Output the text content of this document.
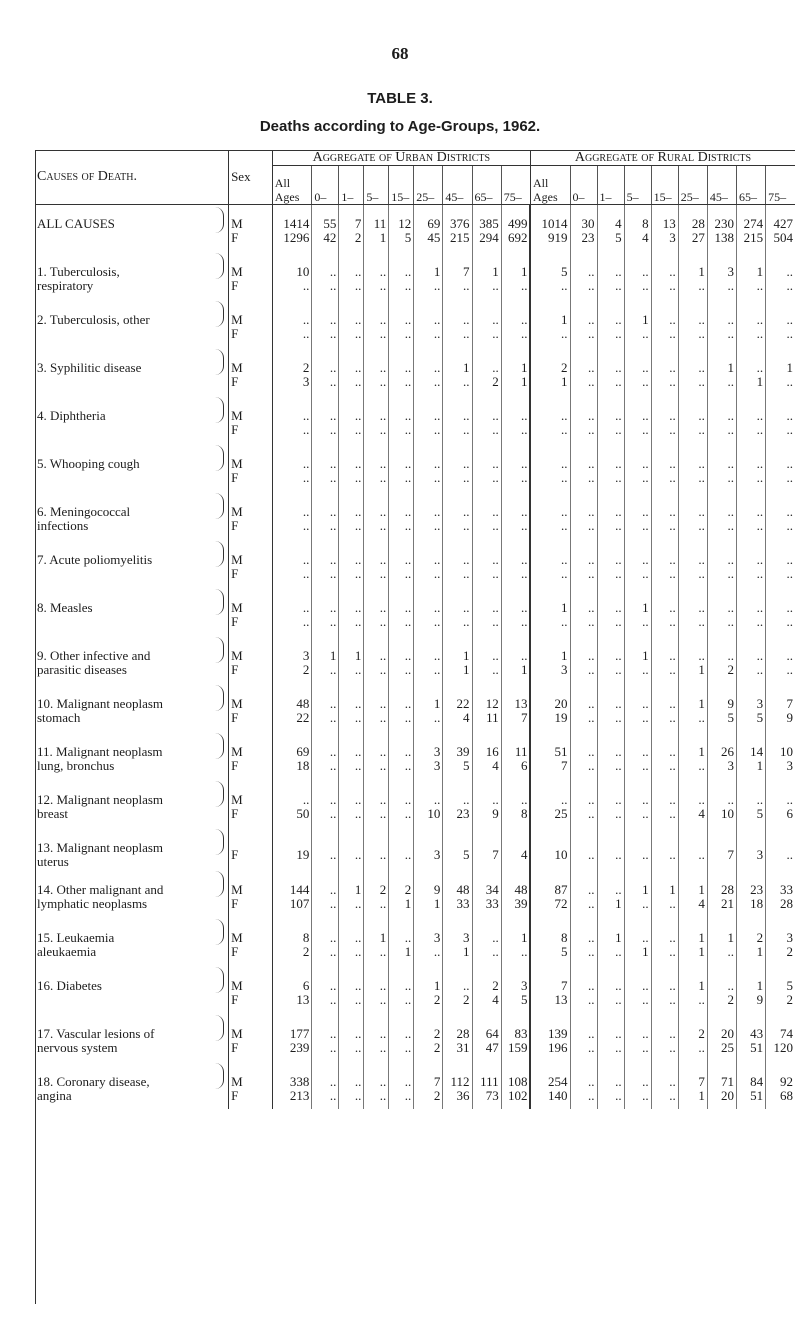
68
TABLE 3.
Deaths according to Age-Groups, 1962.
Causes of Death.	Sex	Aggregate of Urban Districts									Aggregate of Rural Districts								
		All Ages	0–	1–	5–	15–	25–	45–	65–	75–	All Ages	0–	1–	5–	15–	25–	45–	65–	75–

ALL CAUSES	M	1414	55	7	11	12	69	376	385	499	1014	30	4	8	13	28	230	274	427
	F	1296	42	2	1	5	45	215	294	692	919	23	5	4	3	27	138	215	504

1. Tuberculosis,
respiratory	M	10	..	..	..	..	1	7	1	1	5	..	..	..	..	1	3	1	..
	F	..	..	..	..	..	..	..	..	..	..	..	..	..	..	..	..	..	..

2. Tuberculosis, other	M	..	..	..	..	..	..	..	..	..	1	..	..	1	..	..	..	..	..
	F	..	..	..	..	..	..	..	..	..	..	..	..	..	..	..	..	..	..

3. Syphilitic disease	M	2	..	..	..	..	..	1	..	1	2	..	..	..	..	..	1	..	1
	F	3	..	..	..	..	..	..	2	1	1	..	..	..	..	..	..	1	..

4. Diphtheria	M	..	..	..	..	..	..	..	..	..	..	..	..	..	..	..	..	..	..
	F	..	..	..	..	..	..	..	..	..	..	..	..	..	..	..	..	..	..

5. Whooping cough	M	..	..	..	..	..	..	..	..	..	..	..	..	..	..	..	..	..	..
	F	..	..	..	..	..	..	..	..	..	..	..	..	..	..	..	..	..	..

6. Meningococcal
infections	M	..	..	..	..	..	..	..	..	..	..	..	..	..	..	..	..	..	..
	F	..	..	..	..	..	..	..	..	..	..	..	..	..	..	..	..	..	..

7. Acute poliomyelitis	M	..	..	..	..	..	..	..	..	..	..	..	..	..	..	..	..	..	..
	F	..	..	..	..	..	..	..	..	..	..	..	..	..	..	..	..	..	..

8. Measles	M	..	..	..	..	..	..	..	..	..	1	..	..	1	..	..	..	..	..
	F	..	..	..	..	..	..	..	..	..	..	..	..	..	..	..	..	..	..

9. Other infective and
parasitic diseases	M	3	1	1	..	..	..	1	..	..	1	..	..	1	..	..	..	..	..
	F	2	..	..	..	..	..	1	..	1	3	..	..	..	..	1	2	..	..

10. Malignant neoplasm
stomach	M	48	..	..	..	..	1	22	12	13	20	..	..	..	..	1	9	3	7
	F	22	..	..	..	..	..	4	11	7	19	..	..	..	..	..	5	5	9

11. Malignant neoplasm
lung, bronchus	M	69	..	..	..	..	3	39	16	11	51	..	..	..	..	1	26	14	10
	F	18	..	..	..	..	3	5	4	6	7	..	..	..	..	..	3	1	3

12. Malignant neoplasm
breast	M	..	..	..	..	..	..	..	..	..	..	..	..	..	..	..	..	..	..
	F	50	..	..	..	..	10	23	9	8	25	..	..	..	..	4	10	5	6

13. Malignant neoplasm
uterus	F	19	..	..	..	..	3	5	7	4	10	..	..	..	..	..	7	3	..

14. Other malignant and
lymphatic neoplasms	M	144	..	1	2	2	9	48	34	48	87	..	..	1	1	1	28	23	33
	F	107	..	..	..	1	1	33	33	39	72	..	1	..	..	4	21	18	28

15. Leukaemia
aleukaemia	M	8	..	..	1	..	3	3	..	1	8	..	1	..	..	1	1	2	3
	F	2	..	..	..	1	..	1	..	..	5	..	..	1	..	1	..	1	2

16. Diabetes	M	6	..	..	..	..	1	..	2	3	7	..	..	..	..	1	..	1	5
	F	13	..	..	..	..	2	2	4	5	13	..	..	..	..	..	2	9	2

17. Vascular lesions of
nervous system	M	177	..	..	..	..	2	28	64	83	139	..	..	..	..	2	20	43	74
	F	239	..	..	..	..	2	31	47	159	196	..	..	..	..	..	25	51	120

18. Coronary disease,
angina	M	338	..	..	..	..	7	112	111	108	254	..	..	..	..	7	71	84	92
	F	213	..	..	..	..	2	36	73	102	140	..	..	..	..	1	20	51	68
